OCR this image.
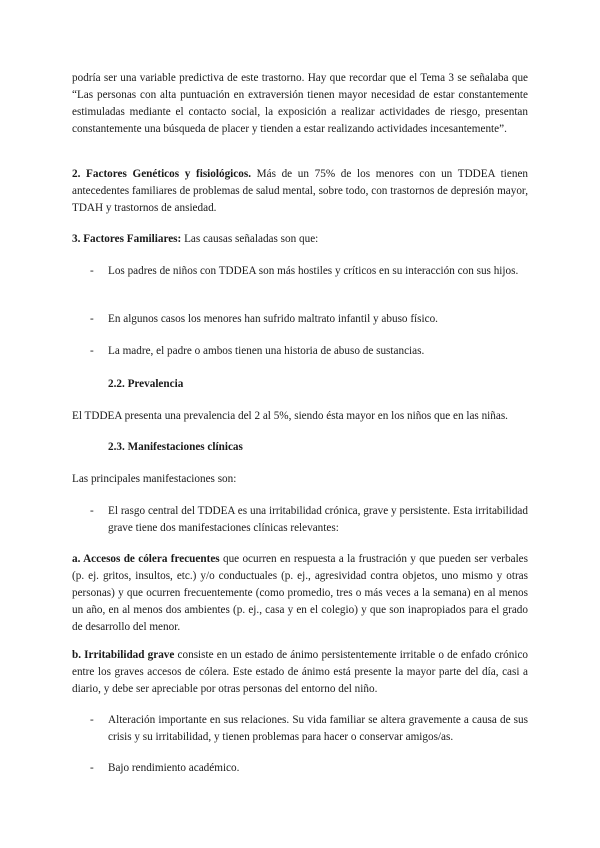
podría ser una variable predictiva de este trastorno. Hay que recordar que el Tema 3 se señalaba que “Las personas con alta puntuación en extraversión tienen mayor necesidad de estar constantemente estimuladas mediante el contacto social, la exposición a realizar actividades de riesgo, presentan constantemente una búsqueda de placer y tienden a estar realizando actividades incesantemente”.

2. Factores Genéticos y fisiológicos. Más de un 75% de los menores con un TDDEA tienen antecedentes familiares de problemas de salud mental, sobre todo, con trastornos de depresión mayor, TDAH y trastornos de ansiedad.

3. Factores Familiares: Las causas señaladas son que:

-	Los padres de niños con TDDEA son más hostiles y críticos en su interacción con sus hijos.
-	En algunos casos los menores han sufrido maltrato infantil y abuso físico.
-	La madre, el padre o ambos tienen una historia de abuso de sustancias.

2.2. Prevalencia

El TDDEA presenta una prevalencia del 2 al 5%, siendo ésta mayor en los niños que en las niñas.

2.3. Manifestaciones clínicas

Las principales manifestaciones son:

-	El rasgo central del TDDEA es una irritabilidad crónica, grave y persistente. Esta irritabilidad grave tiene dos manifestaciones clínicas relevantes:

a. Accesos de cólera frecuentes que ocurren en respuesta a la frustración y que pueden ser verbales (p. ej. gritos, insultos, etc.) y/o conductuales (p. ej., agresividad contra objetos, uno mismo y otras personas) y que ocurren frecuentemente (como promedio, tres o más veces a la semana) en al menos un año, en al menos dos ambientes (p. ej., casa y en el colegio) y que son inapropiados para el grado de desarrollo del menor.

b. Irritabilidad grave consiste en un estado de ánimo persistentemente irritable o de enfado crónico entre los graves accesos de cólera. Este estado de ánimo está presente la mayor parte del día, casi a diario, y debe ser apreciable por otras personas del entorno del niño.

-	Alteración importante en sus relaciones. Su vida familiar se altera gravemente a causa de sus crisis y su irritabilidad, y tienen problemas para hacer o conservar amigos/as.
-	Bajo rendimiento académico.
